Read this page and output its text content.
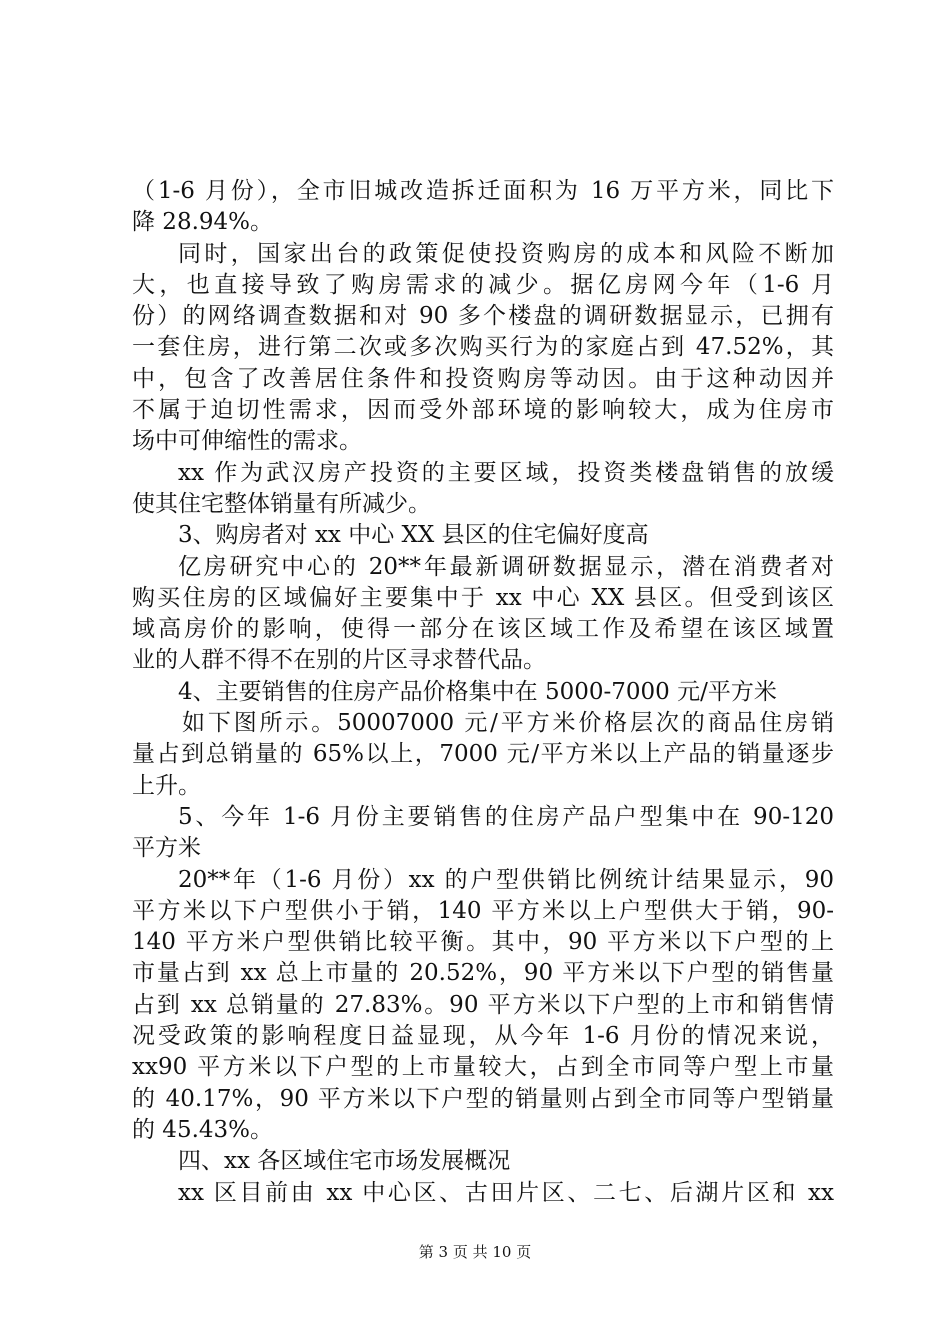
（1-6 月份），全市旧城改造拆迁面积为 16 万平方米，同比下
降 28.94%。
同时，国家出台的政策促使投资购房的成本和风险不断加
大，也直接导致了购房需求的减少。据亿房网今年（1-6 月
份）的网络调查数据和对 90 多个楼盘的调研数据显示，已拥有
一套住房，进行第二次或多次购买行为的家庭占到 47.52%，其
中，包含了改善居住条件和投资购房等动因。由于这种动因并
不属于迫切性需求，因而受外部环境的影响较大，成为住房市
场中可伸缩性的需求。
xx 作为武汉房产投资的主要区域，投资类楼盘销售的放缓
使其住宅整体销量有所减少。
3、购房者对 xx 中心 XX 县区的住宅偏好度高
亿房研究中心的 20**年最新调研数据显示，潜在消费者对
购买住房的区域偏好主要集中于 xx 中心 XX 县区。但受到该区
域高房价的影响，使得一部分在该区域工作及希望在该区域置
业的人群不得不在别的片区寻求替代品。
4、主要销售的住房产品价格集中在 5000-7000 元/平方米
如下图所示。50007000 元/平方米价格层次的商品住房销
量占到总销量的 65%以上，7000 元/平方米以上产品的销量逐步
上升。
5、今年 1-6 月份主要销售的住房产品户型集中在 90-120
平方米
20**年（1-6 月份）xx 的户型供销比例统计结果显示，90
平方米以下户型供小于销，140 平方米以上户型供大于销，90-
140 平方米户型供销比较平衡。其中，90 平方米以下户型的上
市量占到 xx 总上市量的 20.52%，90 平方米以下户型的销售量
占到 xx 总销量的 27.83%。90 平方米以下户型的上市和销售情
况受政策的影响程度日益显现，从今年 1-6 月份的情况来说，
xx90 平方米以下户型的上市量较大，占到全市同等户型上市量
的 40.17%，90 平方米以下户型的销量则占到全市同等户型销量
的 45.43%。
四、xx 各区域住宅市场发展概况
xx 区目前由 xx 中心区、古田片区、二七、后湖片区和 xx
第 3 页 共 10 页
